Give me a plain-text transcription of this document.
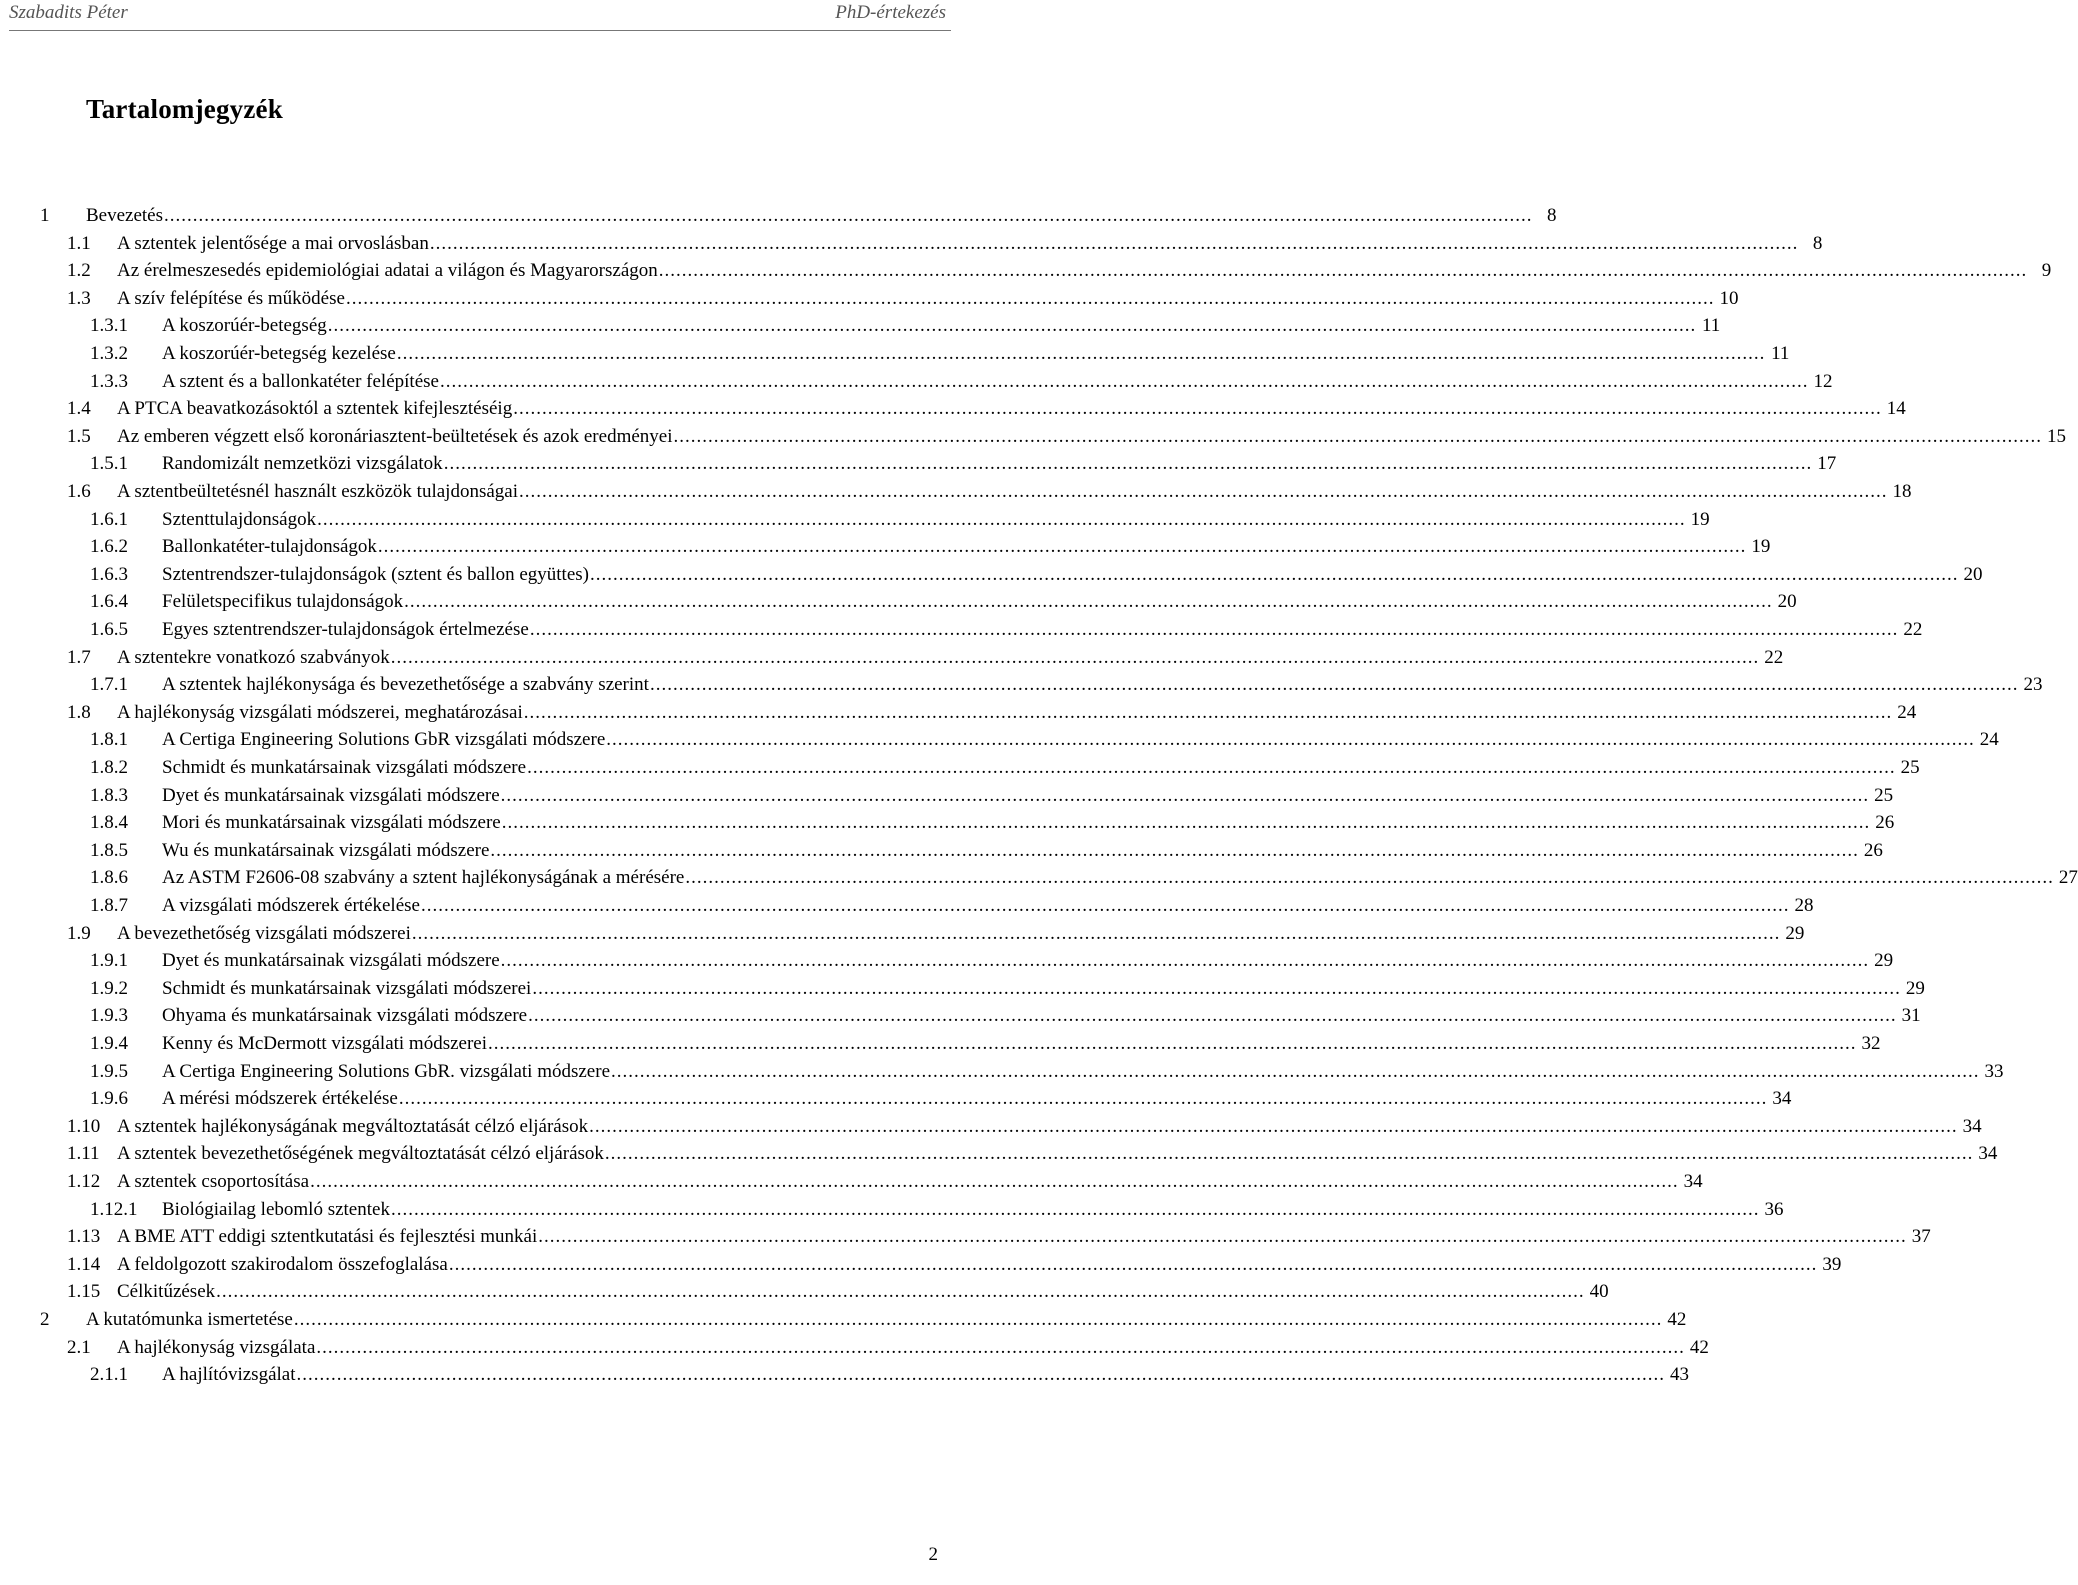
Szabadits Péter	PhD-értekezés
Tartalomjegyzék
1	Bevezetés .....	8
1.1	A sztentek jelentősége a mai orvoslásban .....	8
1.2	Az érelmeszesedés epidemiológiai adatai a világon és Magyarországon .....	9
1.3	A szív felépítése és működése .....	10
1.3.1	A koszorúér-betegség .....	11
1.3.2	A koszorúér-betegség kezelése .....	11
1.3.3	A sztent és a ballonkatéter felépítése .....	12
1.4	A PTCA beavatkozásoktól a sztentek kifejlesztéséig .....	14
1.5	Az emberen végzett első koronáriasztent-beültetések és azok eredményei .....	15
1.5.1	Randomizált nemzetközi vizsgálatok .....	17
1.6	A sztentbeültetésnél használt eszközök tulajdonságai .....	18
1.6.1	Sztenttulajdonságok .....	19
1.6.2	Ballonkatéter-tulajdonságok .....	19
1.6.3	Sztentrendszer-tulajdonságok (sztent és ballon együttes) .....	20
1.6.4	Felületspecifikus tulajdonságok .....	20
1.6.5	Egyes sztentrendszer-tulajdonságok értelmezése .....	22
1.7	A sztentekre vonatkozó szabványok .....	22
1.7.1	A sztentek hajlékonysága és bevezethetősége a szabvány szerint .....	23
1.8	A hajlékonyság vizsgálati módszerei, meghatározásai .....	24
1.8.1	A Certiga Engineering Solutions GbR vizsgálati módszere .....	24
1.8.2	Schmidt és munkatársainak vizsgálati módszere .....	25
1.8.3	Dyet és munkatársainak vizsgálati módszere .....	25
1.8.4	Mori és munkatársainak vizsgálati módszere .....	26
1.8.5	Wu és munkatársainak vizsgálati módszere .....	26
1.8.6	Az ASTM F2606-08 szabvány a sztent hajlékonyságának a mérésére .....	27
1.8.7	A vizsgálati módszerek értékelése .....	28
1.9	A bevezethetőség vizsgálati módszerei .....	29
1.9.1	Dyet és munkatársainak vizsgálati módszere .....	29
1.9.2	Schmidt és munkatársainak vizsgálati módszerei .....	29
1.9.3	Ohyama és munkatársainak vizsgálati módszere .....	31
1.9.4	Kenny és McDermott vizsgálati módszerei .....	32
1.9.5	A Certiga Engineering Solutions GbR. vizsgálati módszere .....	33
1.9.6	A mérési módszerek értékelése .....	34
1.10 A sztentek hajlékonyságának megváltoztatását célzó eljárások .....	34
1.11 A sztentek bevezethetőségének megváltoztatását célzó eljárások .....	34
1.12 A sztentek csoportosítása .....	34
1.12.1	Biológiailag lebomló sztentek .....	36
1.13 A BME ATT eddigi sztentkutatási és fejlesztési munkái .....	37
1.14 A feldolgozott szakirodalom összefoglalása .....	39
1.15 Célkitűzések .....	40
2	A kutatómunka ismertetése .....	42
2.1	A hajlékonyság vizsgálata .....	42
2.1.1	A hajlítóvizsgálat .....	43
2
